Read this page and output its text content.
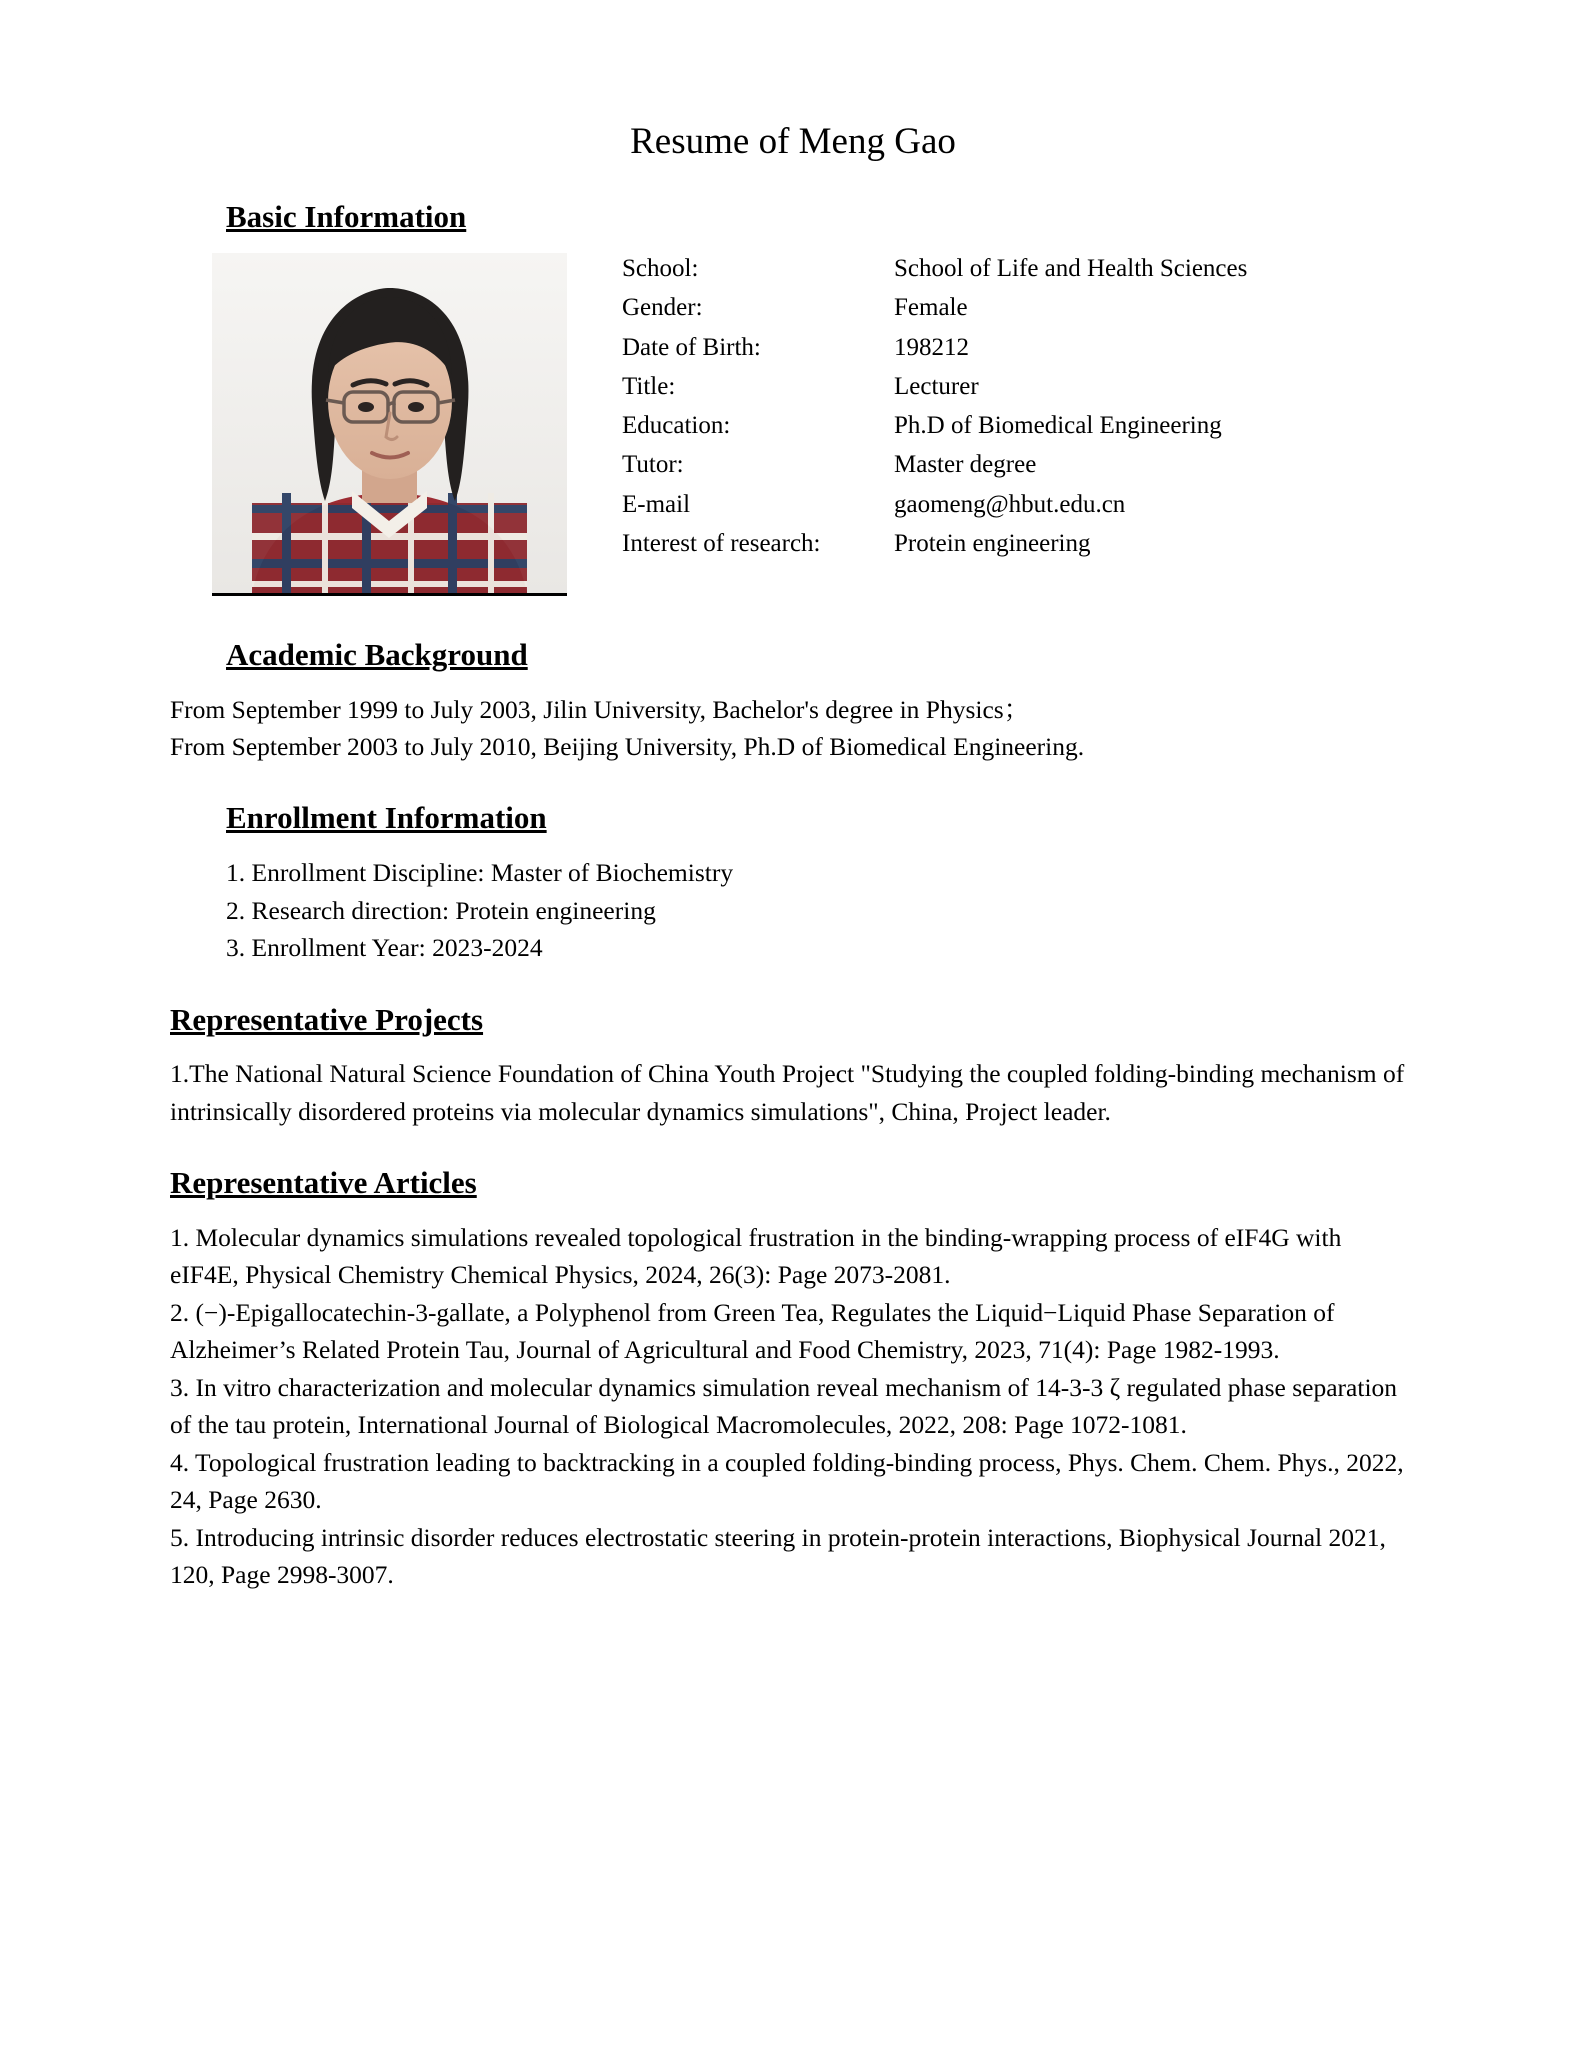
Resume of Meng Gao
Basic Information
School:	School of Life and Health Sciences
Gender:	Female
Date of Birth:	198212
Title:	Lecturer
Education:	Ph.D of Biomedical Engineering
Tutor:	Master degree
E-mail	gaomeng@hbut.edu.cn
Interest of research:	Protein engineering
Academic Background

From September 1999 to July 2003, Jilin University, Bachelor's degree in Physics；

From September 2003 to July 2010, Beijing University, Ph.D of Biomedical Engineering.

Enrollment Information

1. Enrollment Discipline: Master of Biochemistry

2. Research direction: Protein engineering

3. Enrollment Year: 2023-2024

Representative Projects

1.The National Natural Science Foundation of China Youth Project "Studying the coupled folding-binding mechanism of intrinsically disordered proteins via molecular dynamics simulations", China, Project leader.

Representative Articles

1. Molecular dynamics simulations revealed topological frustration in the binding-wrapping process of eIF4G with eIF4E, Physical Chemistry Chemical Physics, 2024, 26(3): Page 2073-2081.

2. (−)-Epigallocatechin-3-gallate, a Polyphenol from Green Tea, Regulates the Liquid−Liquid Phase Separation of Alzheimer’s Related Protein Tau, Journal of Agricultural and Food Chemistry, 2023, 71(4): Page 1982-1993.

3. In vitro characterization and molecular dynamics simulation reveal mechanism of 14-3-3 ζ regulated phase separation of the tau protein, International Journal of Biological Macromolecules, 2022, 208: Page 1072-1081.

4. Topological frustration leading to backtracking in a coupled folding-binding process, Phys. Chem. Chem. Phys., 2022, 24, Page 2630.

5. Introducing intrinsic disorder reduces electrostatic steering in protein-protein interactions, Biophysical Journal 2021, 120, Page 2998-3007.
